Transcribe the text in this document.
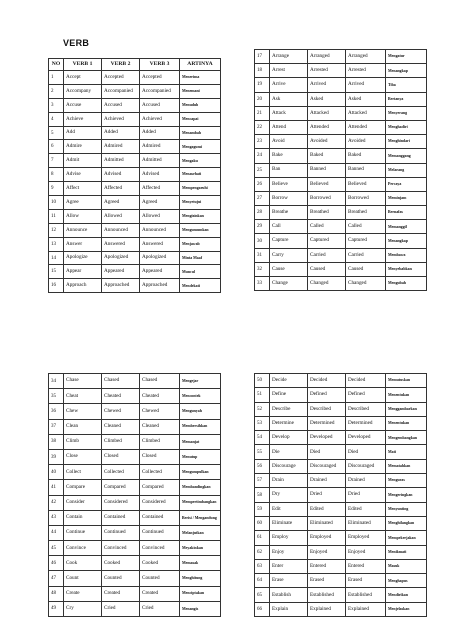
VERB
NO	VERB 1	VERB 2	VERB 3	ARTINYA
1	Accept	Accepted	Accepted	Menerima
2	Accompany	Accompanied	Accompanied	Menemani
3	Accuse	Accused	Accused	Menuduh
4	Achieve	Achieved	Achieved	Mencapai
5	Add	Added	Added	Menambah
6	Admire	Admired	Admired	Mengagumi
7	Admit	Admitted	Admitted	Mengaku
8	Advise	Advised	Advised	Menasehati
9	Affect	Affected	Affected	Mempengaruhi
10	Agree	Agreed	Agreed	Menyetujui
11	Allow	Allowed	Allowed	Mengizinkan
12	Announce	Announced	Announced	Mengumumkan
13	Answer	Answered	Answered	Menjawab
14	Apologize	Apologized	Apologized	Minta Maaf
15	Appear	Appeared	Appeared	Muncul
16	Approach	Approached	Approached	Mendekati
17	Arrange	Arranged	Arranged	Mengatur
18	Arrest	Arrested	Arrested	Menangkap
19	Arrive	Arrived	Arrived	Tiba
20	Ask	Asked	Asked	Bertanya
21	Attack	Attacked	Attacked	Menyerang
22	Attend	Attended	Attended	Menghadiri
23	Avoid	Avoided	Avoided	Menghindari
24	Bake	Baked	Baked	Memanggang
25	Ban	Banned	Banned	Melarang
26	Believe	Believed	Believed	Percaya
27	Borrow	Borrowed	Borrowed	Meminjam
28	Breathe	Breathed	Breathed	Bernafas
29	Call	Called	Called	Memanggil
30	Capture	Captured	Captured	Menangkap
31	Carry	Carried	Carried	Membawa
32	Cause	Caused	Caused	Menyebabkan
33	Change	Changed	Changed	Mengubah
34	Chase	Chased	Chased	Mengejar
35	Cheat	Cheated	Cheated	Mencontek
36	Chew	Chewed	Chewed	Mengunyah
37	Clean	Cleaned	Cleaned	Membersihkan
38	Climb	Climbed	Climbed	Memanjat
39	Close	Closed	Closed	Menutup
40	Collect	Collected	Collected	Mengumpulkan
41	Compare	Compared	Compared	Membandingkan
42	Consider	Considered	Considered	Mempertimbangkan
43	Contain	Contained	Contained	Berisi / Mengandung
44	Continue	Continued	Continued	Melanjutkan
45	Convince	Convinced	Convinced	Meyakinkan
46	Cook	Cooked	Cooked	Memasak
47	Count	Counted	Counted	Menghitung
48	Create	Created	Created	Menciptakan
49	Cry	Cried	Cried	Menangis
50	Decide	Decided	Decided	Memutuskan
51	Define	Defined	Defined	Menentukan
52	Describe	Described	Described	Menggambarkan
53	Determine	Determined	Determined	Menentukan
54	Develop	Developed	Developed	Mengembangkan
55	Die	Died	Died	Mati
56	Discourage	Discouraged	Discouraged	Mematahkan
57	Drain	Drained	Drained	Menguras
58	Dry	Dried	Dried	Mengeringkan
59	Edit	Edited	Edited	Menyunting
60	Eliminate	Eliminated	Eliminated	Menghilangkan
61	Employ	Employed	Employed	Mempekerjakan
62	Enjoy	Enjoyed	Enjoyed	Menikmati
63	Enter	Entered	Entered	Masuk
64	Erase	Erased	Erased	Menghapus
65	Establish	Established	Established	Mendirikan
66	Explain	Explained	Explained	Menjelaskan
